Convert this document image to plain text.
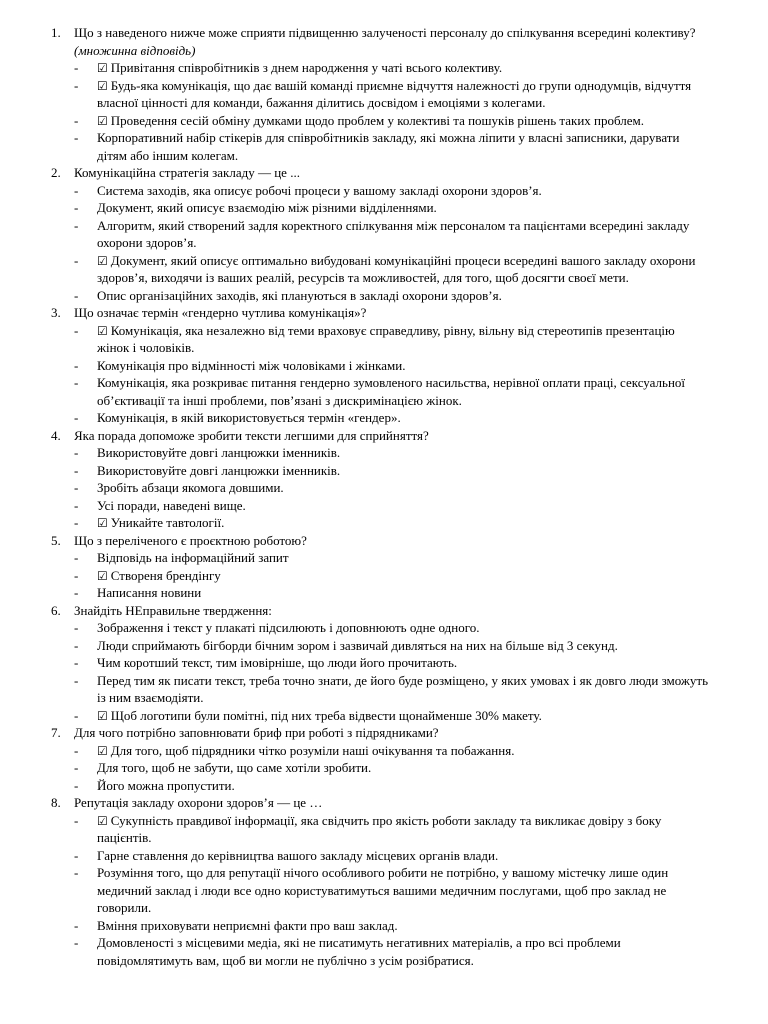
1. Що з наведеного нижче може сприяти підвищенню залученості персоналу до спілкування всередині колективу? (множинна відповідь)
- ☑ Привітання співробітників з днем народження у чаті всього колективу.
- ☑ Будь-яка комунікація, що дає вашій команді приємне відчуття належності до групи однодумців, відчуття власної цінності для команди, бажання ділитись досвідом і емоціями з колегами.
- ☑ Проведення сесій обміну думками щодо проблем у колективі та пошуків рішень таких проблем.
- Корпоративний набір стікерів для співробітників закладу, які можна ліпити у власні записники, дарувати дітям або іншим колегам.
2. Комунікаційна стратегія закладу — це ...
- Система заходів, яка описує робочі процеси у вашому закладі охорони здоров’я.
- Документ, який описує взаємодію між різними відділеннями.
- Алгоритм, який створений задля коректного спілкування між персоналом та пацієнтами всередині закладу охорони здоров’я.
- ☑ Документ, який описує оптимально вибудовані комунікаційні процеси всередині вашого закладу охорони здоров’я, виходячи із ваших реалій, ресурсів та можливостей, для того, щоб досягти своєї мети.
- Опис організаційних заходів, які плануються в закладі охорони здоров’я.
3. Що означає термін «гендерно чутлива комунікація»?
- ☑ Комунікація, яка незалежно від теми враховує справедливу, рівну, вільну від стереотипів презентацію жінок і чоловіків.
- Комунікація про відмінності між чоловіками і жінками.
- Комунікація, яка розкриває питання гендерно зумовленого насильства, нерівної оплати праці, сексуальної об’єктивації та інші проблеми, пов’язані з дискримінацією жінок.
- Комунікація, в якій використовується термін «гендер».
4. Яка порада допоможе зробити тексти легшими для сприйняття?
- Використовуйте довгі ланцюжки іменників.
- Використовуйте довгі ланцюжки іменників.
- Зробіть абзаци якомога довшими.
- Усі поради, наведені вище.
- ☑ Уникайте тавтології.
5. Що з переліченого є проєктною роботою?
- Відповідь на інформаційний запит
- ☑ Створеня брендінгу
- Написання новини
6. Знайдіть НЕправильне твердження:
- Зображення і текст у плакаті підсилюють і доповнюють одне одного.
- Люди сприймають бігборди бічним зором і зазвичай дивляться на них на більше від 3 секунд.
- Чим коротший текст, тим імовірніше, що люди його прочитають.
- Перед тим як писати текст, треба точно знати, де його буде розміщено, у яких умовах і як довго люди зможуть із ним взаємодіяти.
- ☑ Щоб логотипи були помітні, під них треба відвести щонайменше 30% макету.
7. Для чого потрібно заповнювати бриф при роботі з підрядниками?
- ☑ Для того, щоб підрядники чітко розуміли наші очікування та побажання.
- Для того, щоб не забути, що саме хотіли зробити.
- Його можна пропустити.
8. Репутація закладу охорони здоров’я — це …
- ☑ Сукупність правдивої інформації, яка свідчить про якість роботи закладу та викликає довіру з боку пацієнтів.
- Гарне ставлення до керівництва вашого закладу місцевих органів влади.
- Розуміння того, що для репутації нічого особливого робити не потрібно, у вашому містечку лише один медичний заклад і люди все одно користуватимуться вашими медичним послугами, щоб про заклад не говорили.
- Вміння приховувати неприємні факти про ваш заклад.
- Домовленості з місцевими медіа, які не писатимуть негативних матеріалів, а про всі проблеми повідомлятимуть вам, щоб ви могли не публічно з усім розібратися.
